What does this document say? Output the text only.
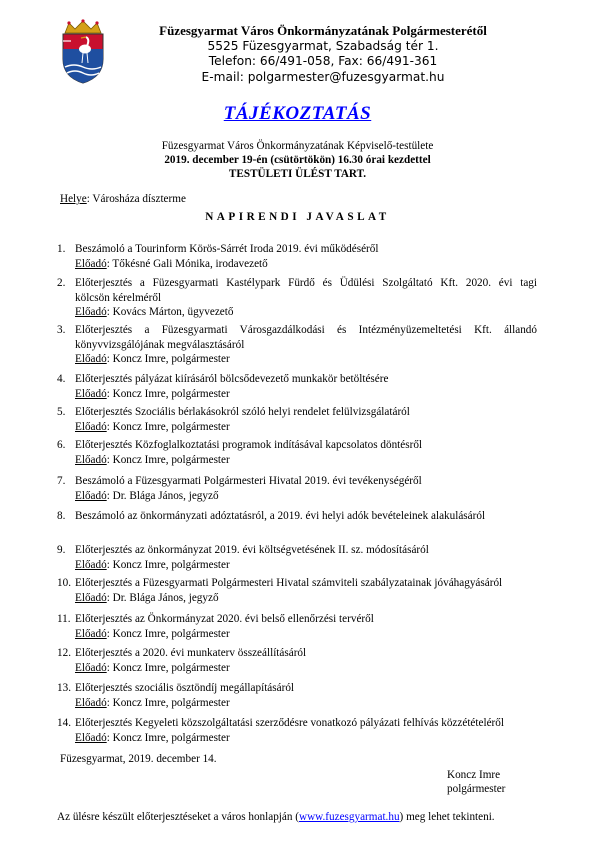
Füzesgyarmat Város Önkormányzatának Polgármesterétől
5525 Füzesgyarmat, Szabadság tér 1.
Telefon: 66/491-058, Fax: 66/491-361
E-mail: polgarmester@fuzesgyarmat.hu
TÁJÉKOZTATÁS
Füzesgyarmat Város Önkormányzatának Képviselő-testülete
2019. december 19-én (csütörtökön) 16.30 órai kezdettel
TESTÜLETI ÜLÉST TART.
Helye: Városháza díszterme
NAPIRENDI JAVASLAT
1. Beszámoló a Tourinform Körös-Sárrét Iroda 2019. évi működéséről
Előadó: Tőkésné Gali Mónika, irodavezető
2. Előterjesztés a Füzesgyarmati Kastélypark Fürdő és Üdülési Szolgáltató Kft. 2020. évi tagi
kölcsön kérelméről
Előadó: Kovács Márton, ügyvezető
3. Előterjesztés a Füzesgyarmati Városgazdálkodási és Intézményüzemeltetési Kft. állandó
könyvvizsgálójának megválasztásáról
Előadó: Koncz Imre, polgármester
4. Előterjesztés pályázat kiírásáról bölcsődevezető munkakör betöltésére
Előadó: Koncz Imre, polgármester
5. Előterjesztés Szociális bérlakásokról szóló helyi rendelet felülvizsgálatáról
Előadó: Koncz Imre, polgármester
6. Előterjesztés Közfoglalkoztatási programok indításával kapcsolatos döntésről
Előadó: Koncz Imre, polgármester
7. Beszámoló a Füzesgyarmati Polgármesteri Hivatal 2019. évi tevékenységéről
Előadó: Dr. Blága János, jegyző
8. Beszámoló az önkormányzati adóztatásról, a 2019. évi helyi adók bevételeinek alakulásáról
9. Előterjesztés az önkormányzat 2019. évi költségvetésének II. sz. módosításáról
Előadó: Koncz Imre, polgármester
10. Előterjesztés a Füzesgyarmati Polgármesteri Hivatal számviteli szabályzatainak jóváhagyásáról
Előadó: Dr. Blága János, jegyző
11. Előterjesztés az Önkormányzat 2020. évi belső ellenőrzési tervéről
Előadó: Koncz Imre, polgármester
12. Előterjesztés a 2020. évi munkaterv összeállításáról
Előadó: Koncz Imre, polgármester
13. Előterjesztés szociális ösztöndíj megállapításáról
Előadó: Koncz Imre, polgármester
14. Előterjesztés Kegyeleti közszolgáltatási szerződésre vonatkozó pályázati felhívás közzétételéről
Előadó: Koncz Imre, polgármester
Füzesgyarmat, 2019. december 14.
Koncz Imre
polgármester
Az ülésre készült előterjesztéseket a város honlapján (www.fuzesgyarmat.hu) meg lehet tekinteni.
